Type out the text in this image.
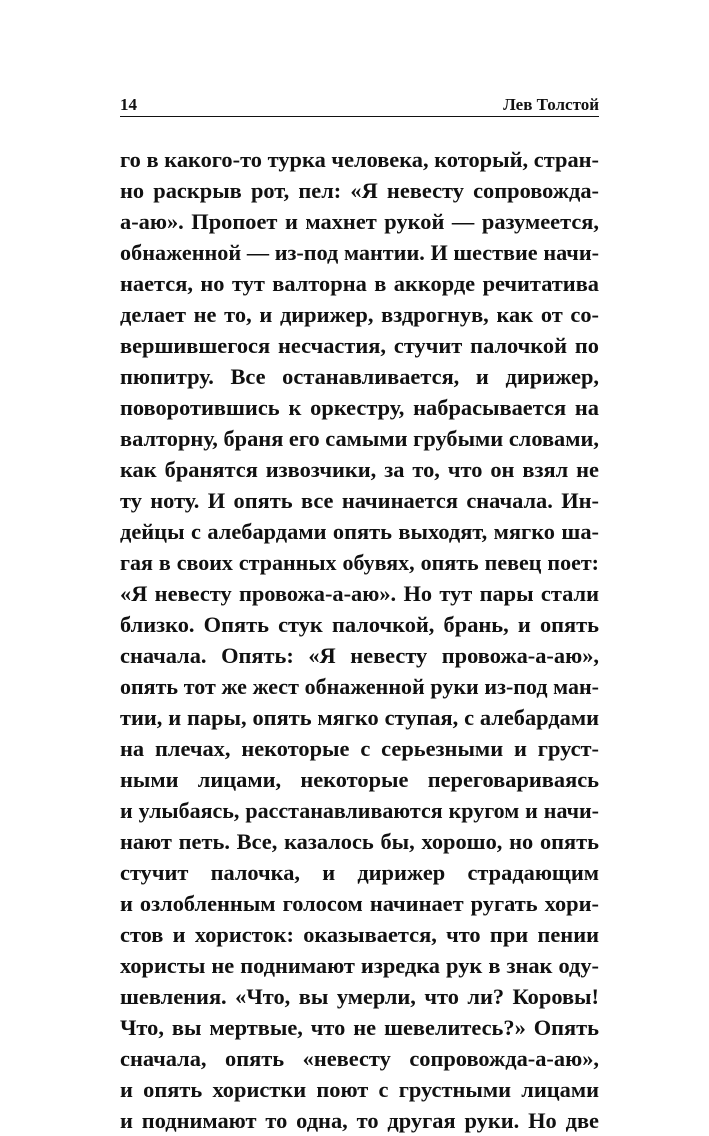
14	Лев Толстой
го в какого-то турка человека, который, стран-
но раскрыв рот, пел: «Я невесту сопровожда-
а-аю». Пропоет и махнет рукой — разумеется,
обнаженной — из-под мантии. И шествие начи-
нается, но тут валторна в аккорде речитатива
делает не то, и дирижер, вздрогнув, как от со-
вершившегося несчастия, стучит палочкой по
пюпитру. Все останавливается, и дирижер,
поворотившись к оркестру, набрасывается на
валторну, браня его самыми грубыми словами,
как бранятся извозчики, за то, что он взял не
ту ноту. И опять все начинается сначала. Ин-
дейцы с алебардами опять выходят, мягко ша-
гая в своих странных обувях, опять певец поет:
«Я невесту провожа-а-аю». Но тут пары стали
близко. Опять стук палочкой, брань, и опять
сначала. Опять: «Я невесту провожа-а-аю»,
опять тот же жест обнаженной руки из-под ман-
тии, и пары, опять мягко ступая, с алебардами
на плечах, некоторые с серьезными и груст-
ными лицами, некоторые переговариваясь
и улыбаясь, расстанавливаются кругом и начи-
нают петь. Все, казалось бы, хорошо, но опять
стучит палочка, и дирижер страдающим
и озлобленным голосом начинает ругать хори-
стов и хористок: оказывается, что при пении
хористы не поднимают изредка рук в знак оду-
шевления. «Что, вы умерли, что ли? Коровы!
Что, вы мертвые, что не шевелитесь?» Опять
сначала, опять «невесту сопровожда-а-аю»,
и опять хористки поют с грустными лицами
и поднимают то одна, то другая руки. Но две
